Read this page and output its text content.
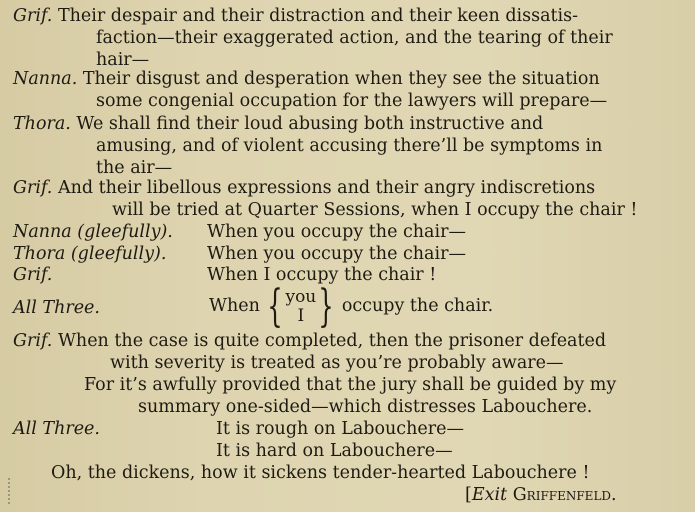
Grif. Their despair and their distraction and their keen dissatis-
faction—their exaggerated action, and the tearing of their
hair—
Nanna. Their disgust and desperation when they see the situation
some congenial occupation for the lawyers will prepare—
Thora. We shall find their loud abusing both instructive and
amusing, and of violent accusing there’ll be symptoms in
the air—
Grif. And their libellous expressions and their angry indiscretions
will be tried at Quarter Sessions, when I occupy the chair !
Nanna (gleefully). When you occupy the chair—
Thora (gleefully). When you occupy the chair—
Grif.	When I occupy the chair !
All Three.	When { you
I } occupy the chair.
Grif. When the case is quite completed, then the prisoner defeated
with severity is treated as you’re probably aware—
For it’s awfully provided that the jury shall be guided by my
summary one-sided—which distresses Labouchere.
All Three.	It is rough on Labouchere—
It is hard on Labouchere—
Oh, the dickens, how it sickens tender-hearted Labouchere !
[Exit Griffenfeld.
